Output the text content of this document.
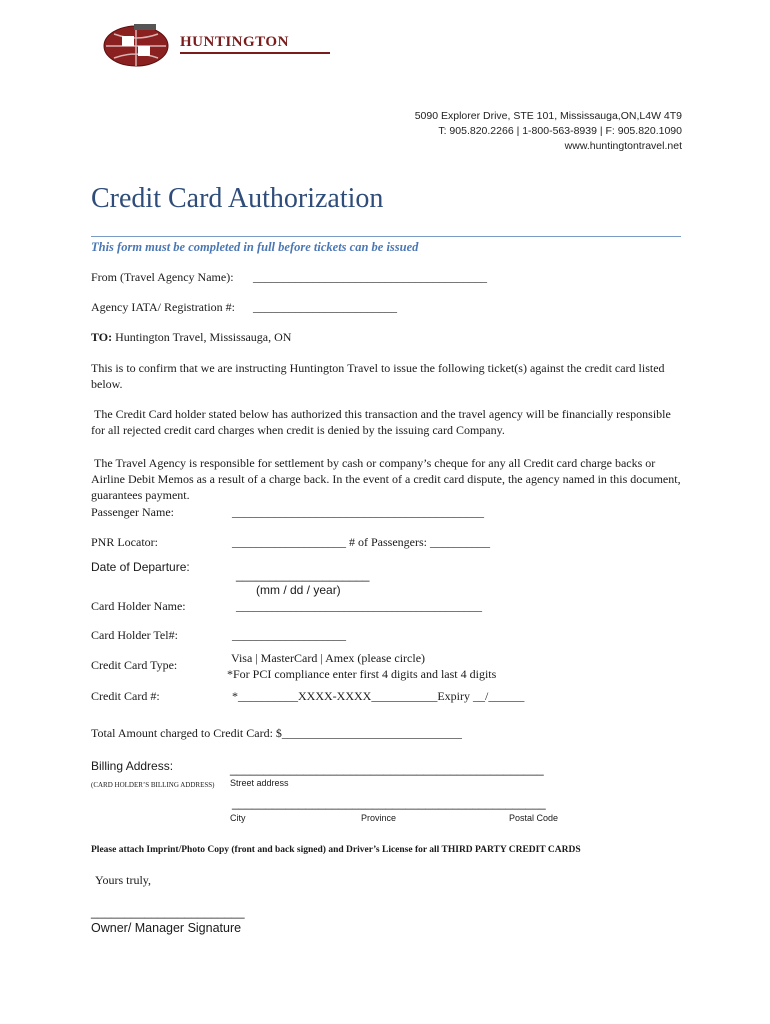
HUNTINGTON
5090 Explorer Drive, STE 101, Mississauga,ON,L4W 4T9
T: 905.820.2266 | 1-800-563-8939 | F: 905.820.1090
www.huntingtontravel.net
Credit Card Authorization
This form must be completed in full before tickets can be issued
From (Travel Agency Name): _______________________________________
Agency IATA/ Registration #: ________________________
TO: Huntington Travel, Mississauga, ON
This is to confirm that we are instructing Huntington Travel to issue the following ticket(s) against the credit card listed below.
The Credit Card holder stated below has authorized this transaction and the travel agency will be financially responsible for all rejected credit card charges when credit is denied by the issuing card Company.
The Travel Agency is responsible for settlement by cash or company’s cheque for any all Credit card charge backs or Airline Debit Memos as a result of a charge back. In the event of a credit card dispute, the agency named in this document, guarantees payment.
Passenger Name:	__________________________________________
PNR Locator:	___________________ # of Passengers: __________
Date of Departure:
____________________
(mm / dd / year)
Card Holder Name:	_________________________________________
Card Holder Tel#:	___________________
Credit Card Type:	Visa | MasterCard | Amex (please circle)
*For PCI compliance enter first 4 digits and last 4 digits
Credit Card #:	*__________XXXX-XXXX___________Expiry __/______
Total Amount charged to Credit Card: $______________________________
Billing Address:
(CARD HOLDER’S BILLING ADDRESS)
_______________________________________________
Street address
_______________________________________________
City	Province	Postal Code
Please attach Imprint/Photo Copy (front and back signed) and Driver’s License for all THIRD PARTY CREDIT CARDS
Yours truly,
_______________________
Owner/ Manager Signature
